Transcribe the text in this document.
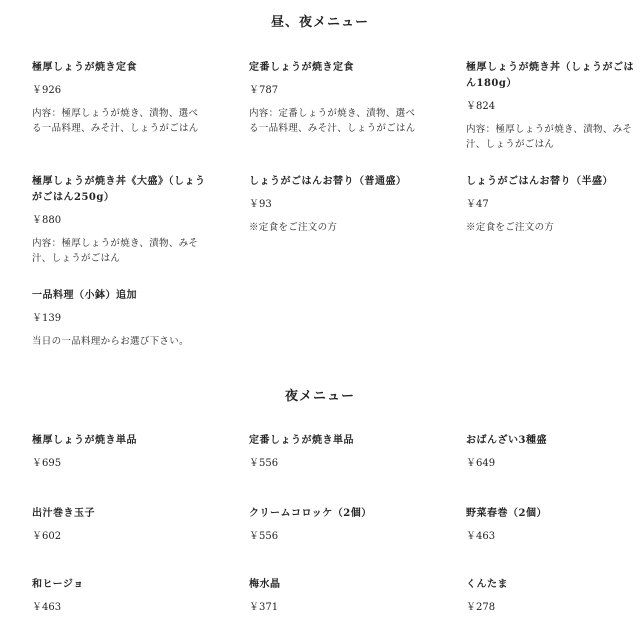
昼、夜メニュー
極厚しょうが焼き定食
￥926
内容：極厚しょうが焼き、漬物、選べる一品料理、みそ汁、しょうがごはん
定番しょうが焼き定食
￥787
内容：定番しょうが焼き、漬物、選べる一品料理、みそ汁、しょうがごはん
極厚しょうが焼き丼（しょうがごはん180g）
￥824
内容：極厚しょうが焼き、漬物、みそ汁、しょうがごはん
極厚しょうが焼き丼《大盛》（しょうがごはん250g）
￥880
内容：極厚しょうが焼き、漬物、みそ汁、しょうがごはん
しょうがごはんお替り（普通盛）
￥93
※定食をご注文の方
しょうがごはんお替り（半盛）
￥47
※定食をご注文の方
一品料理（小鉢）追加
￥139
当日の一品料理からお選び下さい。
夜メニュー
極厚しょうが焼き単品
￥695
定番しょうが焼き単品
￥556
おばんざい3種盛
￥649
出汁巻き玉子
￥602
クリームコロッケ（2個）
￥556
野菜春巻（2個）
￥463
和ヒージョ
￥463
梅水晶
￥371
くんたま
￥278
